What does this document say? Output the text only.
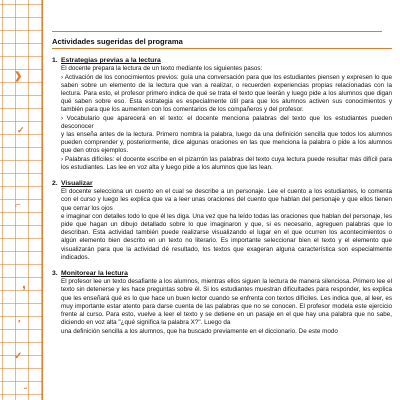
❯
✓
⌐
,
′
✓
˘
Actividades sugeridas del programa
1. Estrategias previas a la lectura

El docente prepara la lectura de un texto mediante los siguientes pasos:

› Activación de los conocimientos previos: guía una conversación para que los estudiantes piensen y expresen lo que saben sobre un elemento de la lectura que van a realizar, o recuerden experiencias propias relacionadas con la lectura. Para esto, el profesor primero indica de qué se trata el texto que leerán y luego pide a los alumnos que digan qué saben sobre eso. Esta estrategia es especialmente útil para que los alumnos activen sus conocimientos y también para que los aumenten con los comentarios de los compañeros y del profesor.

› Vocabulario que aparecerá en el texto: el docente menciona palabras del texto que los estudiantes pueden desconocer

y las enseña antes de la lectura. Primero nombra la palabra, luego da una definición sencilla que todos los alumnos pueden comprender y, posteriormente, dice algunas oraciones en las que menciona la palabra o pide a los alumnos que den otros ejemplos.

› Palabras difíciles: el docente escribe en el pizarrón las palabras del texto cuya lectura puede resultar más difícil para los estudiantes. Las lee en voz alta y luego pide a los alumnos que las lean.

2. Visualizar

El docente selecciona un cuento en el cual se describe a un personaje. Lee el cuento a los estudiantes, lo comenta con el curso y luego les explica que va a leer unas oraciones del cuento que hablan del personaje y que ellos tienen que cerrar los ojos

e imaginar con detalles todo lo que él les diga. Una vez que ha leído todas las oraciones que hablan del personaje, les pide que hagan un dibujo detallado sobre lo que imaginaron y que, si es necesario, agreguen palabras que lo describan. Esta actividad también puede realizarse visualizando el lugar en el que ocurren los acontecimientos o algún elemento bien descrito en un texto no literario. Es importante seleccionar bien el texto y el elemento que visualizarán para que la actividad dé resultado, los textos que exageran alguna característica son especialmente indicados.

3. Monitorear la lectura

El profesor lee un texto desafiante a los alumnos, mientras ellos siguen la lectura de manera silenciosa. Primero lee el texto sin detenerse y les hace preguntas sobre él. Si los estudiantes muestran dificultades para responder, les explica que les enseñará qué es lo que hace un buen lector cuando se enfrenta con textos difíciles. Les indica que, al leer, es muy importante estar atento para darse cuenta de las palabras que no se conocen. El profesor modela este ejercicio frente al curso. Para esto, vuelve a leer el texto y se detiene en un pasaje en el que hay una palabra que no sabe, diciendo en voz alta "¿qué significa la palabra X?". Luego da

una definición sencilla a los alumnos, que ha buscado previamente en el diccionario. De este modo
